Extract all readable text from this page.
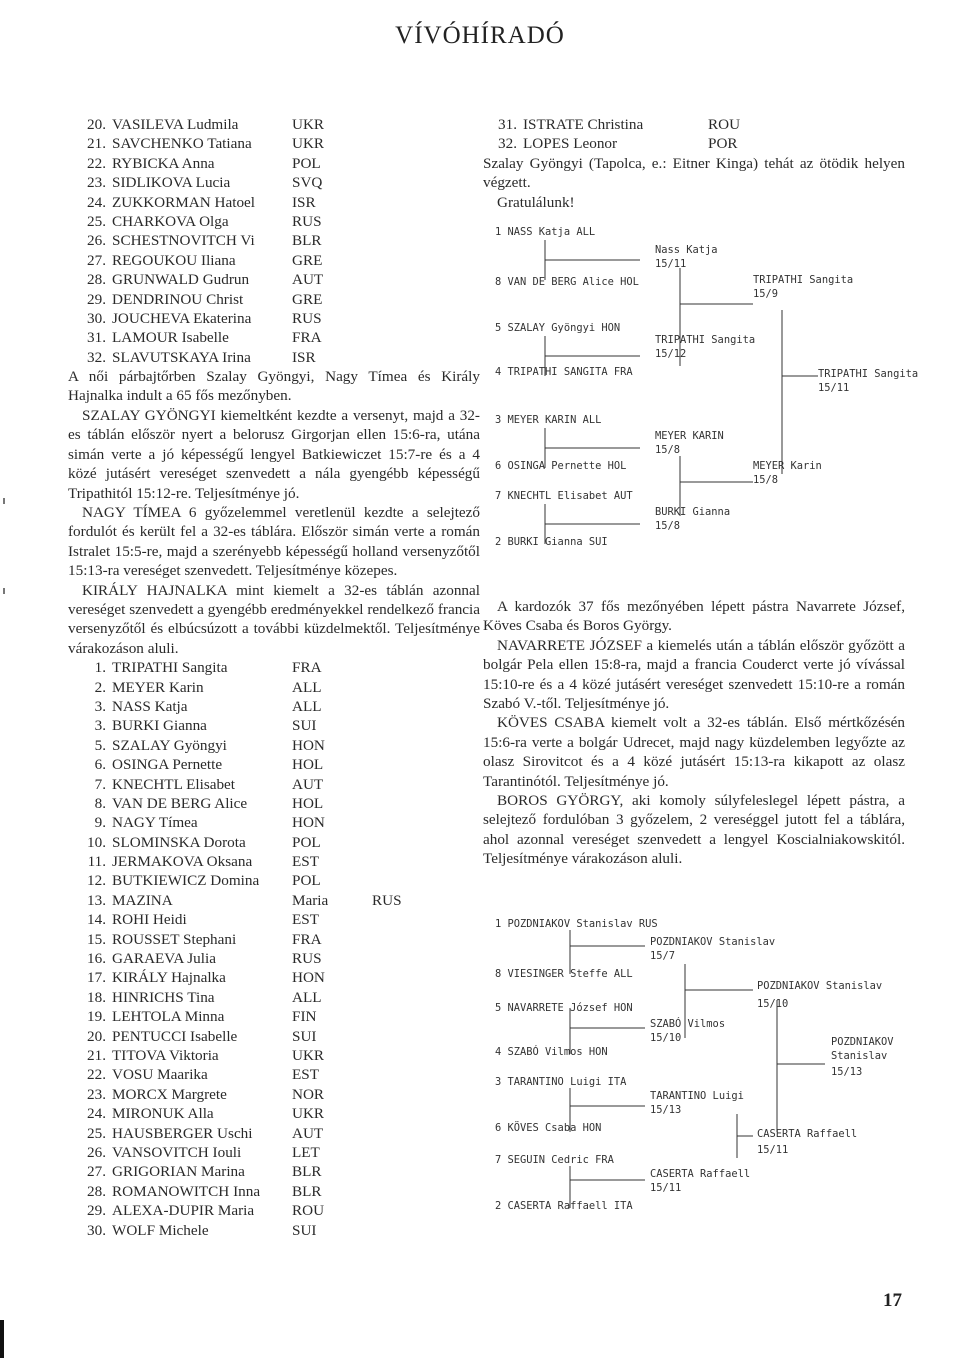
VÍVÓHÍRADÓ
20. VASILEVA Ludmila	UKR
21. SAVCHENKO Tatiana	UKR
22. RYBICKA Anna	POL
23. SIDLIKOVA Lucia	SVQ
24. ZUKKORMAN Hatoel	ISR
25. CHARKOVA Olga	RUS
26. SCHESTNOVITCH Vi	BLR
27. REGOUKOU Iliana	GRE
28. GRUNWALD Gudrun	AUT
29. DENDRINOU Christ	GRE
30. JOUCHEVA Ekaterina	RUS
31. LAMOUR Isabelle	FRA
32. SLAVUTSKAYA Irina	ISR

A női párbajtőrben Szalay Gyöngyi, Nagy Tímea és Király Hajnalka indult a 65 fős mezőnyben.

SZALAY GYÖNGYI kiemeltként kezdte a versenyt, majd a 32-es táblán először nyert a belorusz Girgorjan ellen 15:6-ra, utána simán verte a jó képességű lengyel Batkiewiczet 15:7-re és a 4 közé jutásért vereséget szenvedett a nála gyengébb képességű Tripathitól 15:12-re. Teljesítménye jó.

NAGY TÍMEA 6 győzelemmel veretlenül kezdte a selejtező fordulót és került fel a 32-es táblára. Először simán verte a román Istralet 15:5-re, majd a szerényebb képességű holland versenyzőtől 15:13-ra vereséget szenvedett. Teljesítménye közepes.

KIRÁLY HAJNALKA mint kiemelt a 32-es táblán azonnal vereséget szenvedett a gyengébb eredményekkel rendelkező francia versenyzőtől és elbúcsúzott a további küzdelmektől. Teljesítménye várakozáson aluli.

1. TRIPATHI Sangita	FRA
2. MEYER Karin	ALL
3. NASS Katja	ALL
3. BURKI Gianna	SUI
5. SZALAY Gyöngyi	HON
6. OSINGA Pernette	HOL
7. KNECHTL Elisabet	AUT
8. VAN DE BERG Alice	HOL
9. NAGY Tímea	HON
10. SLOMINSKA Dorota	POL
11. JERMAKOVA Oksana	EST
12. BUTKIEWICZ Domina	POL
13. MAZINA	Maria	RUS
14. ROHI Heidi	EST
15. ROUSSET Stephani	FRA
16. GARAEVA Julia	RUS
17. KIRÁLY Hajnalka	HON
18. HINRICHS Tina	ALL
19. LEHTOLA Minna	FIN
20. PENTUCCI Isabelle	SUI
21. TITOVA Viktoria	UKR
22. VOSU Maarika	EST
23. MORCX Margrete	NOR
24. MIRONUK Alla	UKR
25. HAUSBERGER Uschi	AUT
26. VANSOVITCH Iouli	LET
27. GRIGORIAN Marina	BLR
28. ROMANOWITCH Inna	BLR
29. ALEXA-DUPIR Maria	ROU
30. WOLF Michele	SUI
31. ISTRATE Christina	ROU
32. LOPES Leonor	POR

Szalay Gyöngyi (Tapolca, e.: Eitner Kinga) tehát az ötödik helyen végzett.

Gratulálunk!

A kardozók 37 fős mezőnyében lépett pástra Navarrete József, Köves Csaba és Boros György.

NAVARRETE JÓZSEF a kiemelés után a táblán először győzött a bolgár Pela ellen 15:8-ra, majd a francia Couderct verte jó vívással 15:10-re és a 4 közé jutásért vereséget szenvedett 15:10-re a román Szabó V.-től. Teljesítménye jó.

KÖVES CSABA kiemelt volt a 32-es táblán. Első mértkőzésén 15:6-ra verte a bolgár Udrecet, majd nagy küzdelemben legyőzte az olasz Sirovitcot és a 4 közé jutásért 15:13-ra kikapott az olasz Tarantinótól. Teljesítménye jó.

BOROS GYÖRGY, aki komoly súlyfeleslegel lépett pástra, a selejtező fordulóban 3 győzelem, 2 vereséggel jutott fel a táblára, ahol azonnal vereséget szenvedett a lengyel Koscialniakowskitól. Teljesítménye várakozáson aluli.

1 NASS Katja ALL
8 VAN DE BERG Alice HOL
5 SZALAY Gyöngyi HON
4 TRIPATHI SANGITA FRA
3 MEYER KARIN ALL
6 OSINGA Pernette HOL
7 KNECHTL Elisabet AUT
2 BURKI Gianna SUI
Nass Katja
15/11
TRIPATHI Sangita
15/12
MEYER KARIN
15/8
BURKI Gianna
15/8
TRIPATHI Sangita
15/9
MEYER Karin
15/8
TRIPATHI Sangita
15/11
1 POZDNIAKOV Stanislav RUS
8 VIESINGER Steffe ALL
5 NAVARRETE József HON
4 SZABÓ Vilmos HON
3 TARANTINO Luigi ITA
6 KÖVES Csaba HON
7 SEGUIN Cedric FRA
2 CASERTA Raffaell ITA
POZDNIAKOV Stanislav
15/7
SZABÓ Vilmos
15/10
TARANTINO Luigi
15/13
CASERTA Raffaell
15/11
POZDNIAKOV Stanislav
15/10
CASERTA Raffaell
15/11
POZDNIAKOV
Stanislav
15/13
17
